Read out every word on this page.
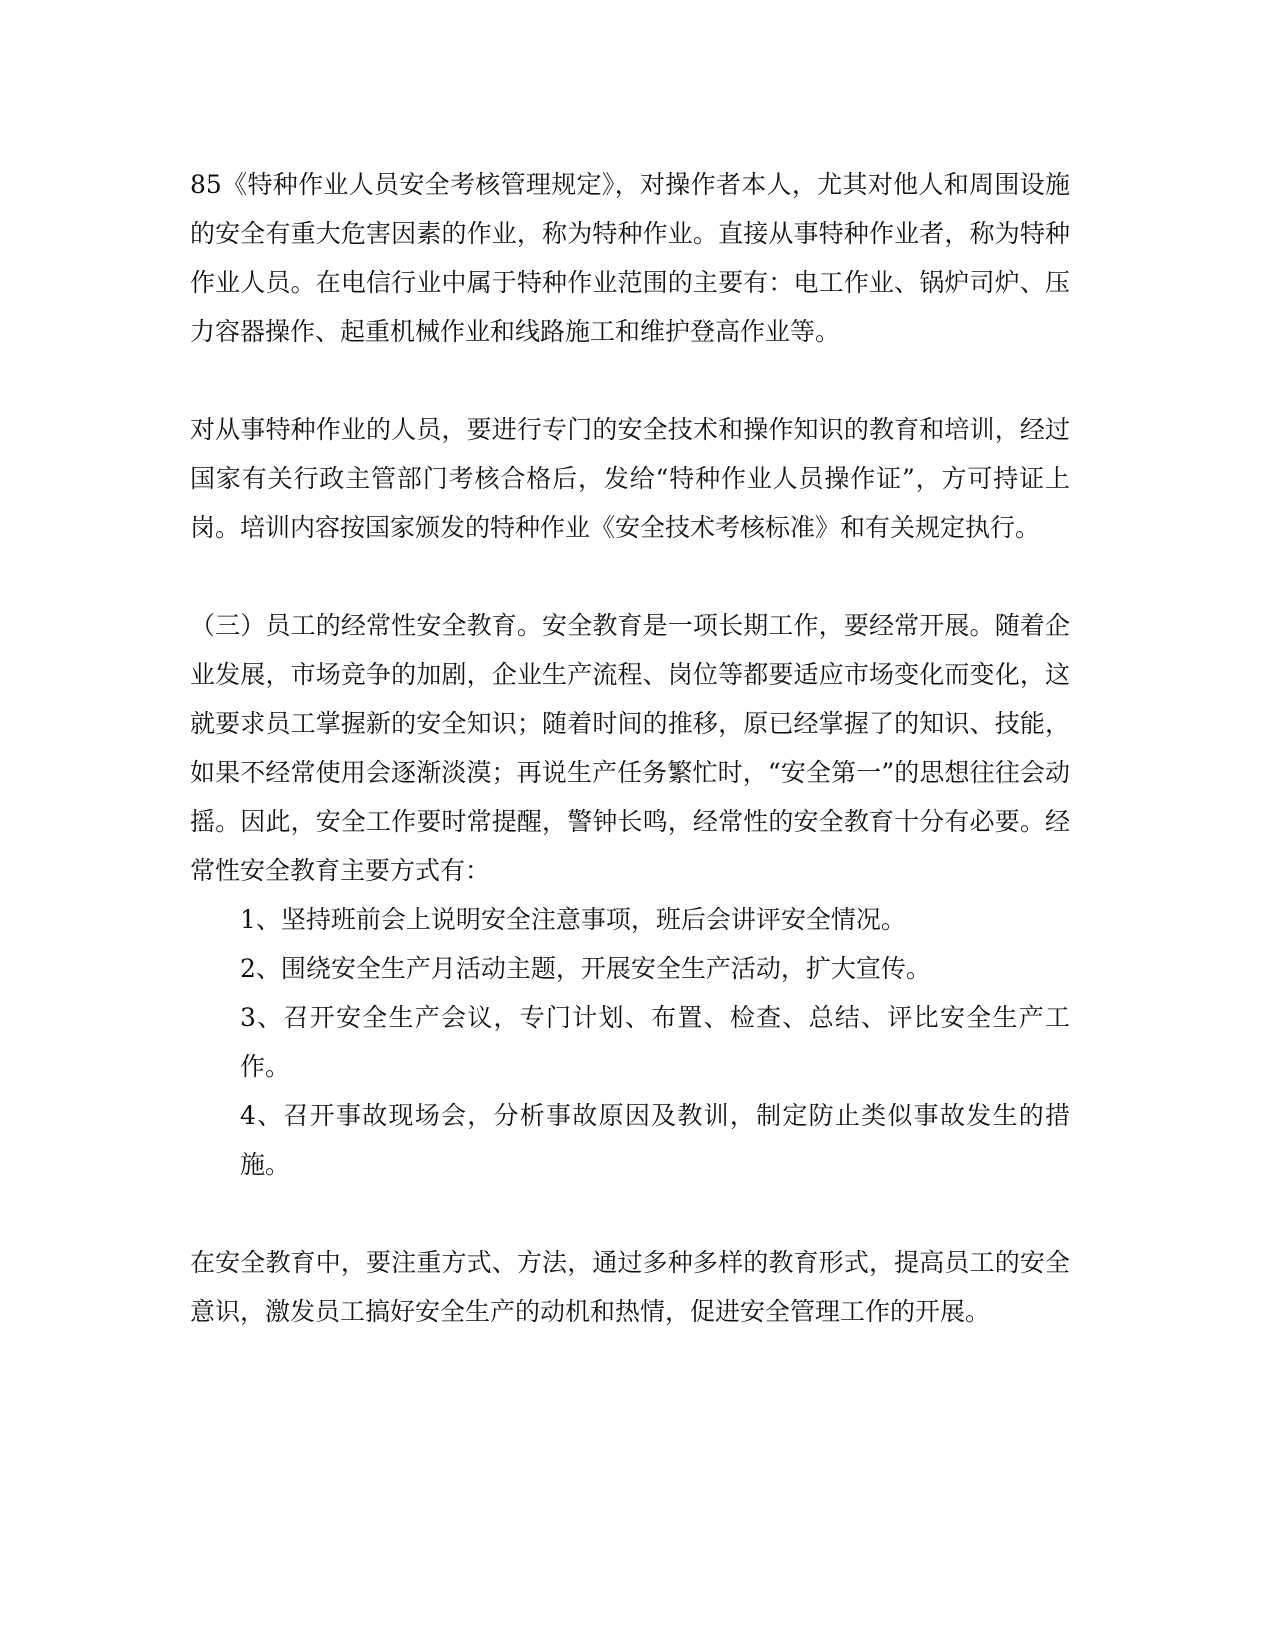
85《特种作业人员安全考核管理规定》，对操作者本人，尤其对他人和周围设施的安全有重大危害因素的作业，称为特种作业。直接从事特种作业者，称为特种作业人员。在电信行业中属于特种作业范围的主要有：电工作业、锅炉司炉、压力容器操作、起重机械作业和线路施工和维护登高作业等。

对从事特种作业的人员，要进行专门的安全技术和操作知识的教育和培训，经过国家有关行政主管部门考核合格后，发给“特种作业人员操作证”，方可持证上岗。培训内容按国家颁发的特种作业《安全技术考核标准》和有关规定执行。

（三）员工的经常性安全教育。安全教育是一项长期工作，要经常开展。随着企业发展，市场竞争的加剧，企业生产流程、岗位等都要适应市场变化而变化，这就要求员工掌握新的安全知识；随着时间的推移，原已经掌握了的知识、技能，如果不经常使用会逐渐淡漠；再说生产任务繁忙时，“安全第一”的思想往往会动摇。因此，安全工作要时常提醒，警钟长鸣，经常性的安全教育十分有必要。经常性安全教育主要方式有：

1、坚持班前会上说明安全注意事项，班后会讲评安全情况。

2、围绕安全生产月活动主题，开展安全生产活动，扩大宣传。

3、召开安全生产会议，专门计划、布置、检查、总结、评比安全生产工作。

4、召开事故现场会，分析事故原因及教训，制定防止类似事故发生的措施。

在安全教育中，要注重方式、方法，通过多种多样的教育形式，提高员工的安全意识，激发员工搞好安全生产的动机和热情，促进安全管理工作的开展。
